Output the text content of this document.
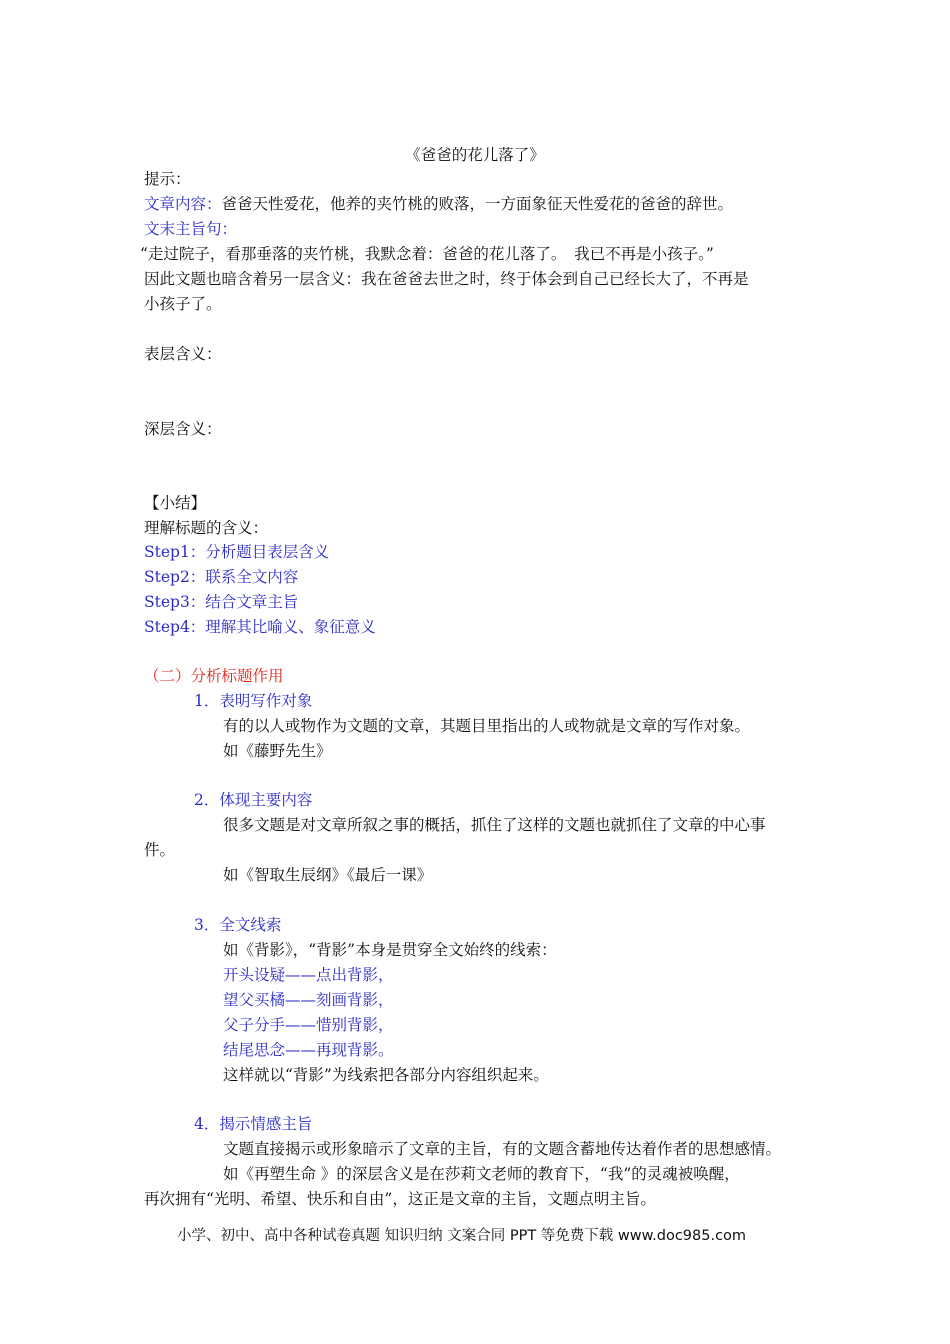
《爸爸的花儿落了》
提示：
文章内容：爸爸天性爱花，他养的夹竹桃的败落，一方面象征天性爱花的爸爸的辞世。
文末主旨句：
“走过院子，看那垂落的夹竹桃，我默念着：爸爸的花儿落了。　我已不再是小孩子。”
因此文题也暗含着另一层含义：我在爸爸去世之时，终于体会到自己已经长大了，不再是
小孩子了。
表层含义：
深层含义：
【小结】
理解标题的含义：
Step1：分析题目表层含义
Step2：联系全文内容
Step3：结合文章主旨
Step4：理解其比喻义、象征意义
（二）分析标题作用
1．表明写作对象
有的以人或物作为文题的文章，其题目里指出的人或物就是文章的写作对象。
如《藤野先生》
2．体现主要内容
很多文题是对文章所叙之事的概括，抓住了这样的文题也就抓住了文章的中心事
件。
如《智取生辰纲》《最后一课》
3．全文线索
如《背影》，“背影”本身是贯穿全文始终的线索：
开头设疑——点出背影，
望父买橘——刻画背影，
父子分手——惜别背影，
结尾思念——再现背影。
这样就以“背影”为线索把各部分内容组织起来。
4．揭示情感主旨
文题直接揭示或形象暗示了文章的主旨，有的文题含蓄地传达着作者的思想感情。
如《再塑生命 》的深层含义是在莎莉文老师的教育下，“我”的灵魂被唤醒，
再次拥有“光明、希望、快乐和自由”，这正是文章的主旨，文题点明主旨。
小学、初中、高中各种试卷真题 知识归纳 文案合同 PPT 等免费下载 www.doc985.com
